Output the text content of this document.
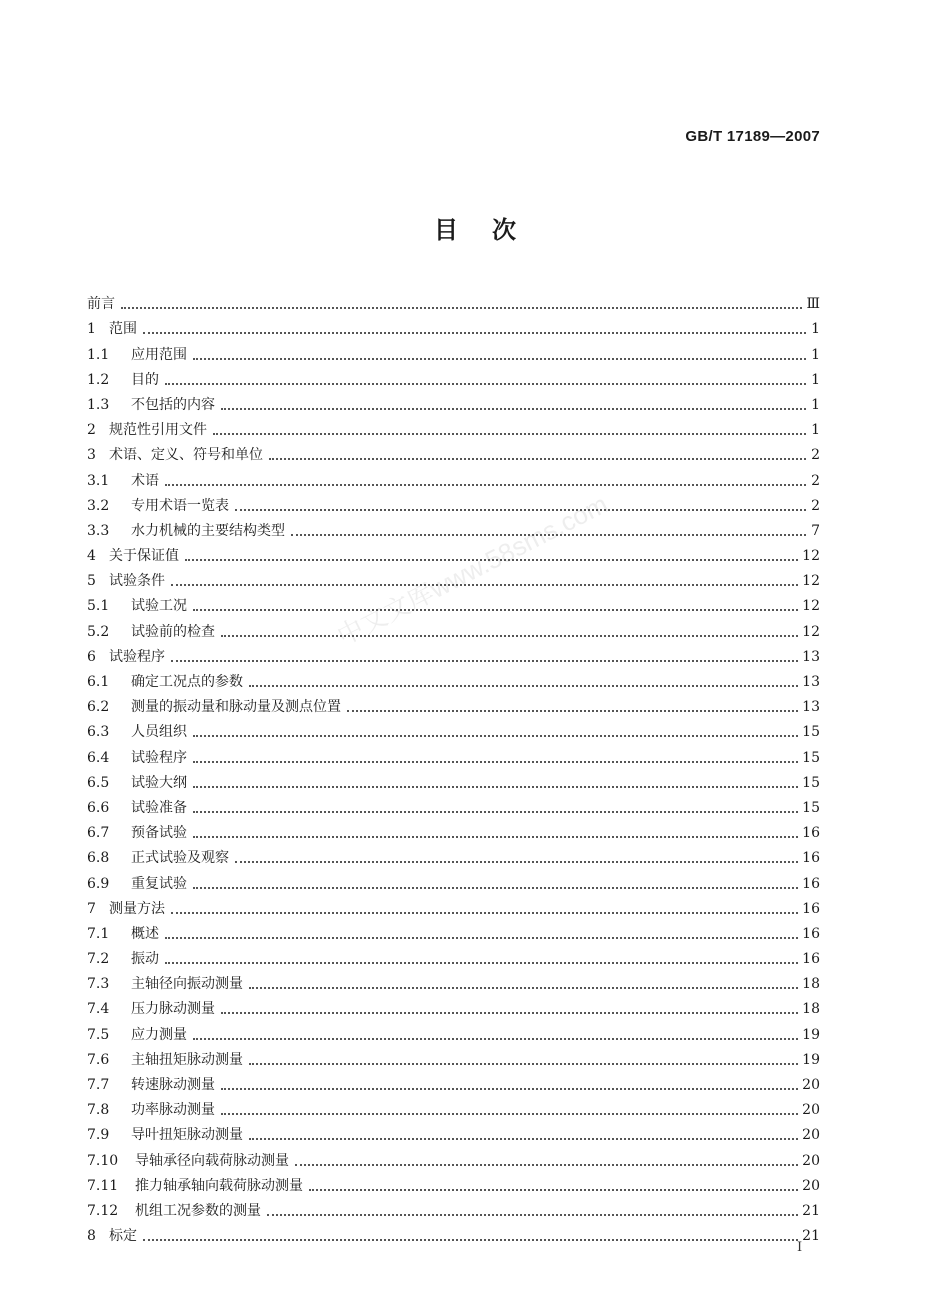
GB/T 17189—2007
目次
中文文库www.58sms.com
前言	Ⅲ
1 范围	1
1.1	应用范围	1
1.2	目的	1
1.3	不包括的内容	1
2 规范性引用文件	1
3 术语、定义、符号和单位	2
3.1	术语	2
3.2	专用术语一览表	2
3.3	水力机械的主要结构类型	7
4 关于保证值	12
5 试验条件	12
5.1	试验工况	12
5.2	试验前的检查	12
6 试验程序	13
6.1	确定工况点的参数	13
6.2	测量的振动量和脉动量及测点位置	13
6.3	人员组织	15
6.4	试验程序	15
6.5	试验大纲	15
6.6	试验准备	15
6.7	预备试验	16
6.8	正式试验及观察	16
6.9	重复试验	16
7 测量方法	16
7.1	概述	16
7.2	振动	16
7.3	主轴径向振动测量	18
7.4	压力脉动测量	18
7.5	应力测量	19
7.6	主轴扭矩脉动测量	19
7.7	转速脉动测量	20
7.8	功率脉动测量	20
7.9	导叶扭矩脉动测量	20
7.10	导轴承径向载荷脉动测量	20
7.11	推力轴承轴向载荷脉动测量	20
7.12	机组工况参数的测量	21
8 标定	21
Ⅰ
